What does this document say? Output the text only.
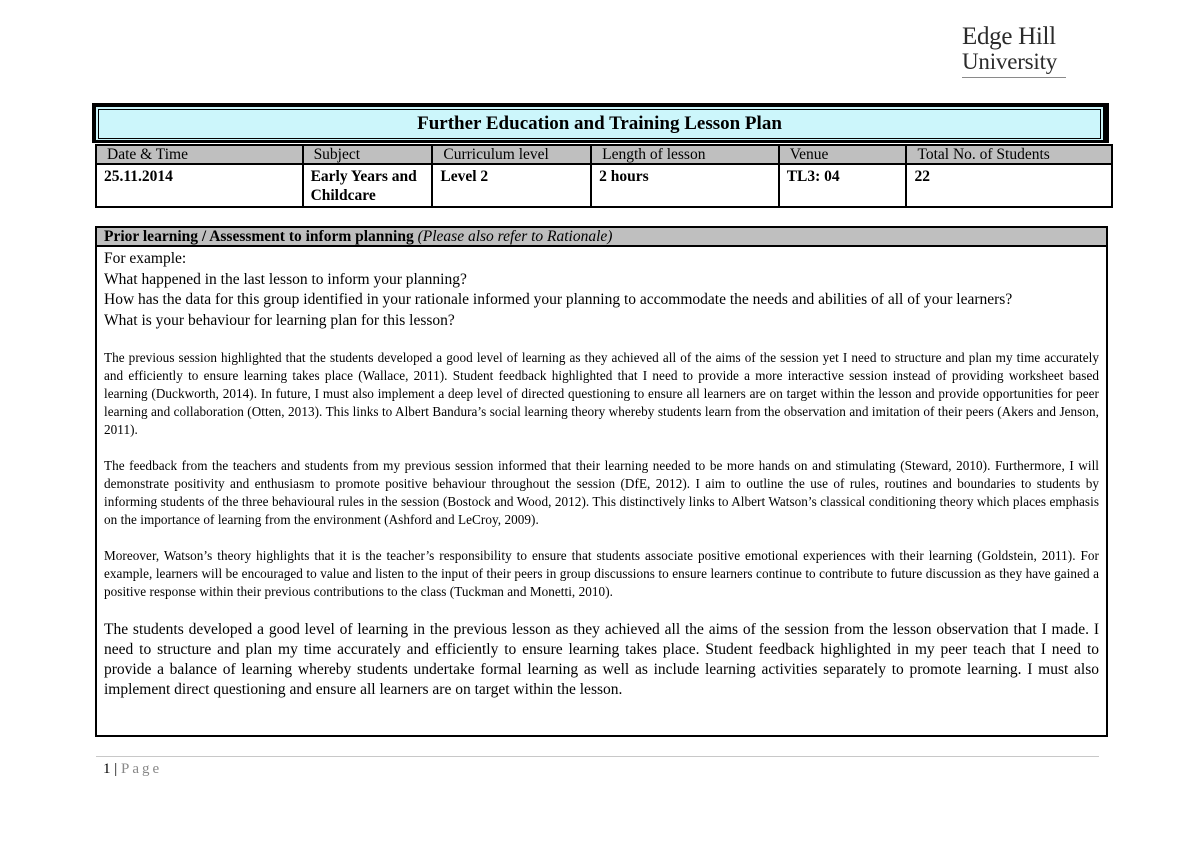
Edge Hill
University
Further Education and Training Lesson Plan
Date & Time	Subject	Curriculum level	Length of lesson	Venue	Total No. of Students
25.11.2014	Early Years and Childcare	Level 2	2 hours	TL3: 04	22
Prior learning / Assessment to inform planning (Please also refer to Rationale)
For example:
What happened in the last lesson to inform your planning?
How has the data for this group identified in your rationale informed your planning to accommodate the needs and abilities of all of your learners?
What is your behaviour for learning plan for this lesson?

The previous session highlighted that the students developed a good level of learning as they achieved all of the aims of the session yet I need to structure and plan my time accurately and efficiently to ensure learning takes place (Wallace, 2011). Student feedback highlighted that I need to provide a more interactive session instead of providing worksheet based learning (Duckworth, 2014). In future, I must also implement a deep level of directed questioning to ensure all learners are on target within the lesson and provide opportunities for peer learning and collaboration (Otten, 2013). This links to Albert Bandura’s social learning theory whereby students learn from the observation and imitation of their peers (Akers and Jenson, 2011).

The feedback from the teachers and students from my previous session informed that their learning needed to be more hands on and stimulating (Steward, 2010). Furthermore, I will demonstrate positivity and enthusiasm to promote positive behaviour throughout the session (DfE, 2012). I aim to outline the use of rules, routines and boundaries to students by informing students of the three behavioural rules in the session (Bostock and Wood, 2012). This distinctively links to Albert Watson’s classical conditioning theory which places emphasis on the importance of learning from the environment (Ashford and LeCroy, 2009).

Moreover, Watson’s theory highlights that it is the teacher’s responsibility to ensure that students associate positive emotional experiences with their learning (Goldstein, 2011). For example, learners will be encouraged to value and listen to the input of their peers in group discussions to ensure learners continue to contribute to future discussion as they have gained a positive response within their previous contributions to the class (Tuckman and Monetti, 2010).

The students developed a good level of learning in the previous lesson as they achieved all the aims of the session from the lesson observation that I made. I need to structure and plan my time accurately and efficiently to ensure learning takes place. Student feedback highlighted in my peer teach that I need to provide a balance of learning whereby students undertake formal learning as well as include learning activities separately to promote learning. I must also implement direct questioning and ensure all learners are on target within the lesson.
1 | Page
